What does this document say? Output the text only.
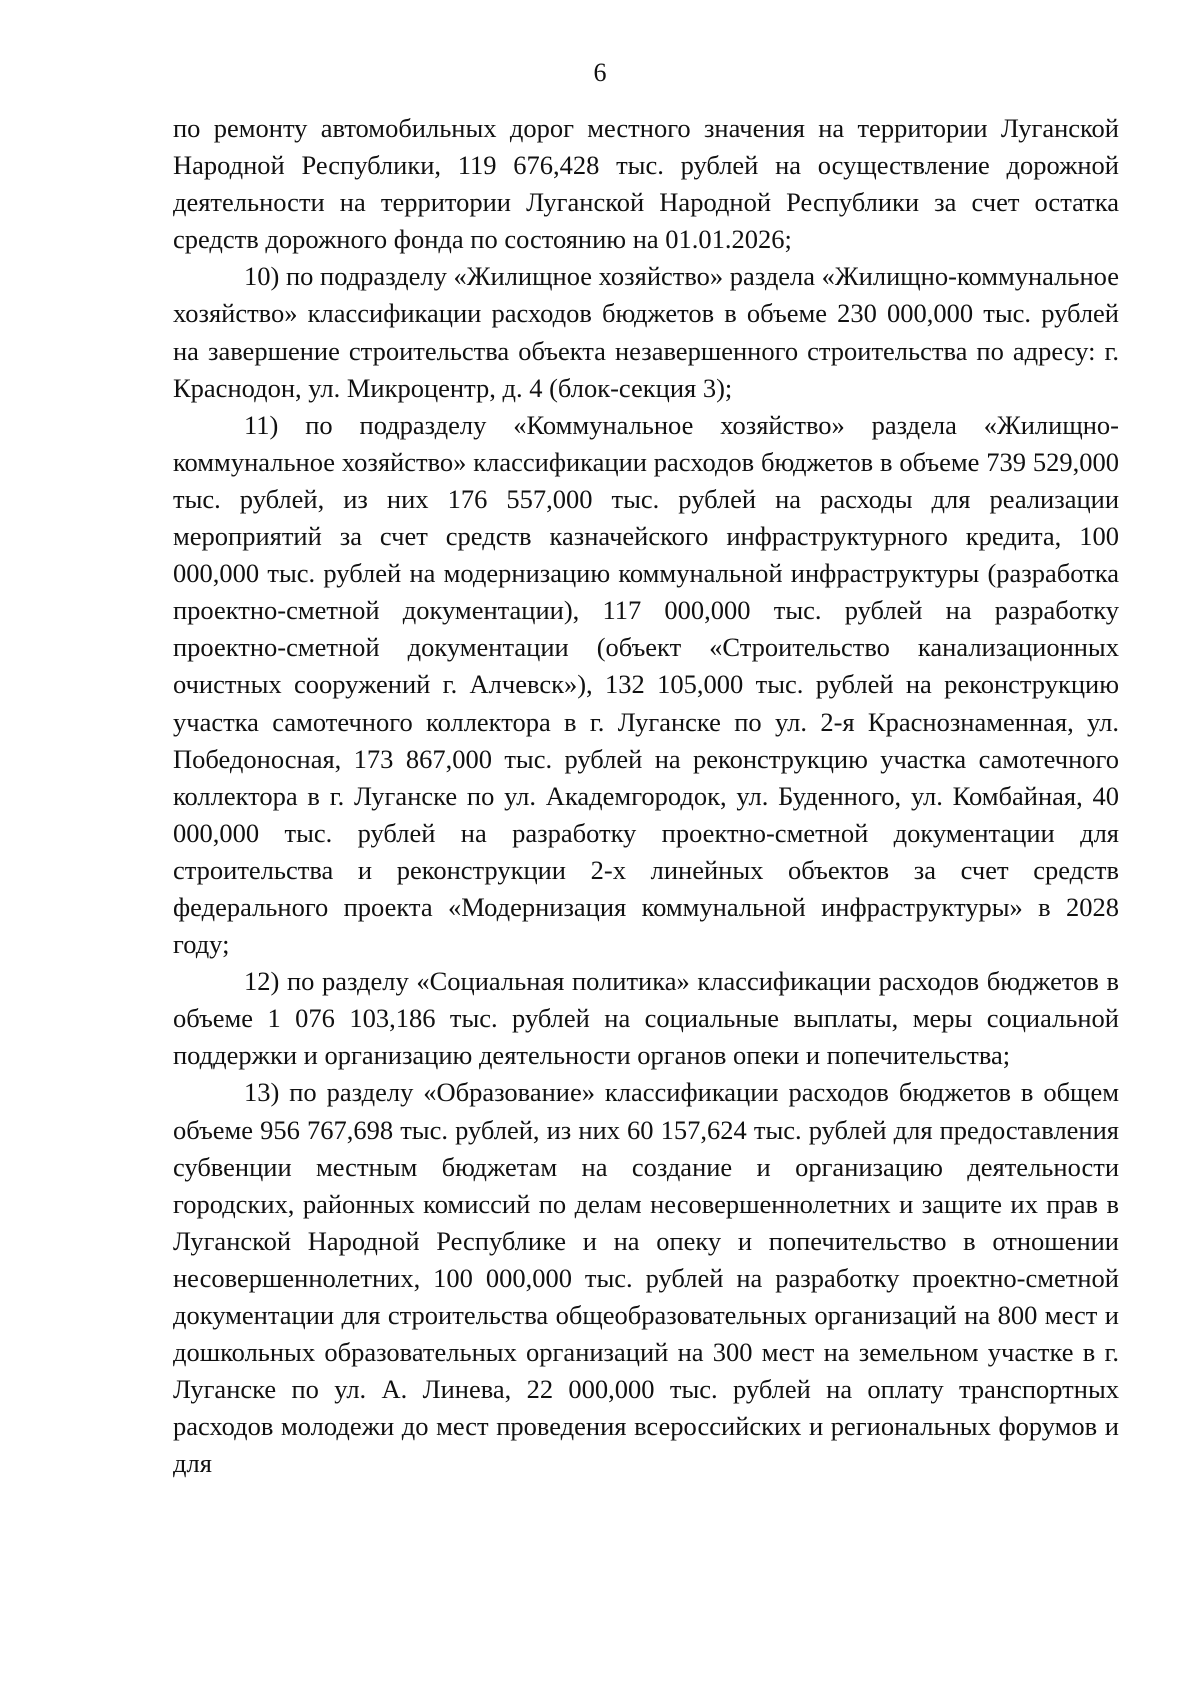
6

по ремонту автомобильных дорог местного значения на территории Луганской Народной Республики, 119 676,428 тыс. рублей на осуществление дорожной деятельности на территории Луганской Народной Республики за счет остатка средств дорожного фонда по состоянию на 01.01.2026;

10) по подразделу «Жилищное хозяйство» раздела «Жилищно-коммунальное хозяйство» классификации расходов бюджетов в объеме 230 000,000 тыс. рублей на завершение строительства объекта незавершенного строительства по адресу: г. Краснодон, ул. Микроцентр, д. 4 (блок-секция 3);

11) по подразделу «Коммунальное хозяйство» раздела «Жилищно-коммунальное хозяйство» классификации расходов бюджетов в объеме 739 529,000 тыс. рублей, из них 176 557,000 тыс. рублей на расходы для реализации мероприятий за счет средств казначейского инфраструктурного кредита, 100 000,000 тыс. рублей на модернизацию коммунальной инфраструктуры (разработка проектно-сметной документации), 117 000,000 тыс. рублей на разработку проектно-сметной документации (объект «Строительство канализационных очистных сооружений г. Алчевск»), 132 105,000 тыс. рублей на реконструкцию участка самотечного коллектора в г. Луганске по ул. 2-я Краснознаменная, ул. Победоносная, 173 867,000 тыс. рублей на реконструкцию участка самотечного коллектора в г. Луганске по ул. Академгородок, ул. Буденного, ул. Комбайная, 40 000,000 тыс. рублей на разработку проектно-сметной документации для строительства и реконструкции 2-х линейных объектов за счет средств федерального проекта «Модернизация коммунальной инфраструктуры» в 2028 году;

12) по разделу «Социальная политика» классификации расходов бюджетов в объеме 1 076 103,186 тыс. рублей на социальные выплаты, меры социальной поддержки и организацию деятельности органов опеки и попечительства;

13) по разделу «Образование» классификации расходов бюджетов в общем объеме 956 767,698 тыс. рублей, из них 60 157,624 тыс. рублей для предоставления субвенции местным бюджетам на создание и организацию деятельности городских, районных комиссий по делам несовершеннолетних и защите их прав в Луганской Народной Республике и на опеку и попечительство в отношении несовершеннолетних, 100 000,000 тыс. рублей на разработку проектно-сметной документации для строительства общеобразовательных организаций на 800 мест и дошкольных образовательных организаций на 300 мест на земельном участке в г. Луганске по ул. А. Линева, 22 000,000 тыс. рублей на оплату транспортных расходов молодежи до мест проведения всероссийских и региональных форумов и для
